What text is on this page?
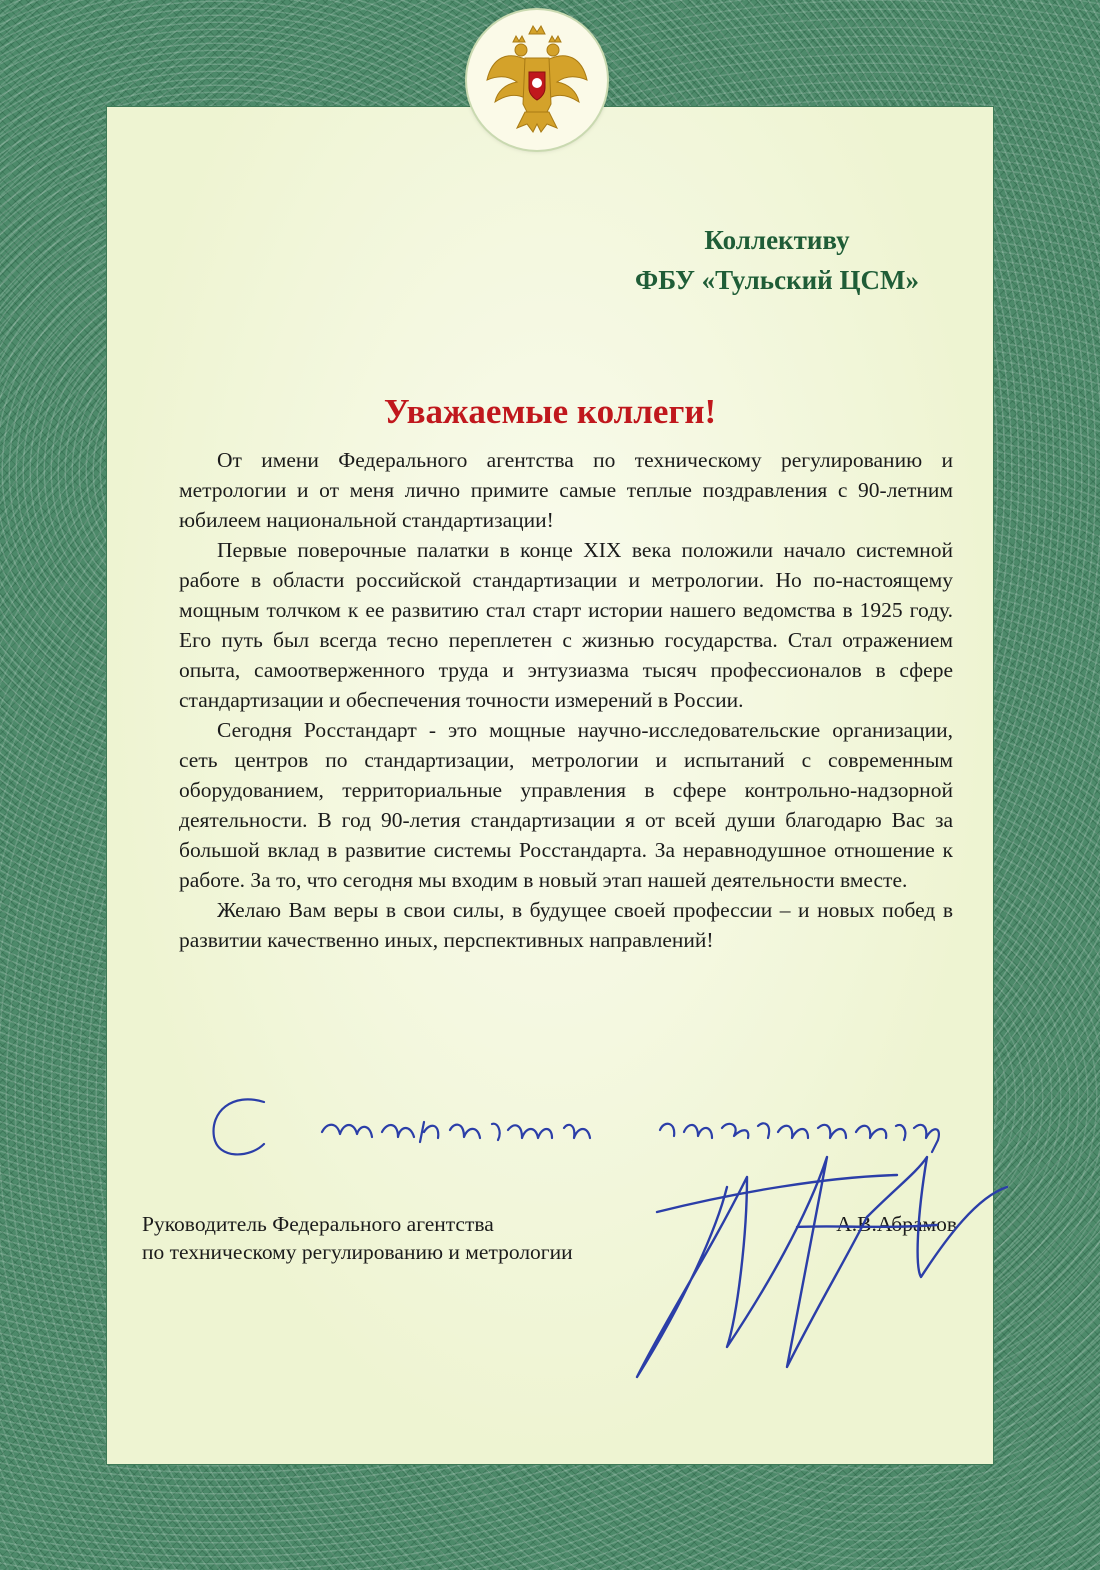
Коллективу
ФБУ «Тульский ЦСМ»
Уважаемые коллеги!

От имени Федерального агентства по техническому регулированию и метрологии и от меня лично примите самые теплые поздравления с 90-летним юбилеем национальной стандартизации!

Первые поверочные палатки в конце XIX века положили начало системной работе в области российской стандартизации и метрологии. Но по-настоящему мощным толчком к ее развитию стал старт истории нашего ведомства в 1925 году. Его путь был всегда тесно переплетен с жизнью государства. Стал отражением опыта, самоотверженного труда и энтузиазма тысяч профессионалов в сфере стандартизации и обеспечения точности измерений в России.

Сегодня Росстандарт - это мощные научно-исследовательские организации, сеть центров по стандартизации, метрологии и испытаний с современным оборудованием, территориальные управления в сфере контрольно-надзорной деятельности. В год 90-летия стандартизации я от всей души благодарю Вас за большой вклад в развитие системы Росстандарта. За неравнодушное отношение к работе. За то, что сегодня мы входим в новый этап нашей деятельности вместе.

Желаю Вам веры в свои силы, в будущее своей профессии – и новых побед в развитии качественно иных, перспективных направлений!

Руководитель Федерального агентства
по техническому регулированию и метрологии
А.В.Абрамов
